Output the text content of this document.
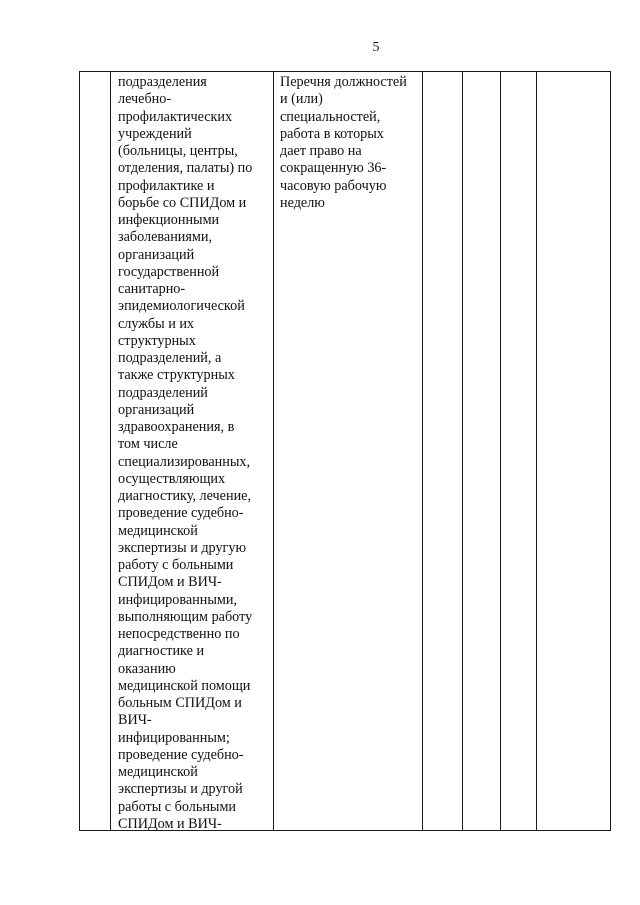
5
подразделения
лечебно-
профилактических
учреждений
(больницы, центры,
отделения, палаты) по
профилактике и
борьбе со СПИДом и
инфекционными
заболеваниями,
организаций
государственной
санитарно-
эпидемиологической
службы и их
структурных
подразделений, а
также структурных
подразделений
организаций
здравоохранения, в
том числе
специализированных,
осуществляющих
диагностику, лечение,
проведение судебно-
медицинской
экспертизы и другую
работу с больными
СПИДом и ВИЧ-
инфицированными,
выполняющим работу
непосредственно по
диагностике и
оказанию
медицинской помощи
больным СПИДом и
ВИЧ-
инфицированным;
проведение судебно-
медицинской
экспертизы и другой
работы с больными
СПИДом и ВИЧ-
Перечня должностей
и (или)
специальностей,
работа в которых
дает право на
сокращенную 36-
часовую рабочую
неделю
